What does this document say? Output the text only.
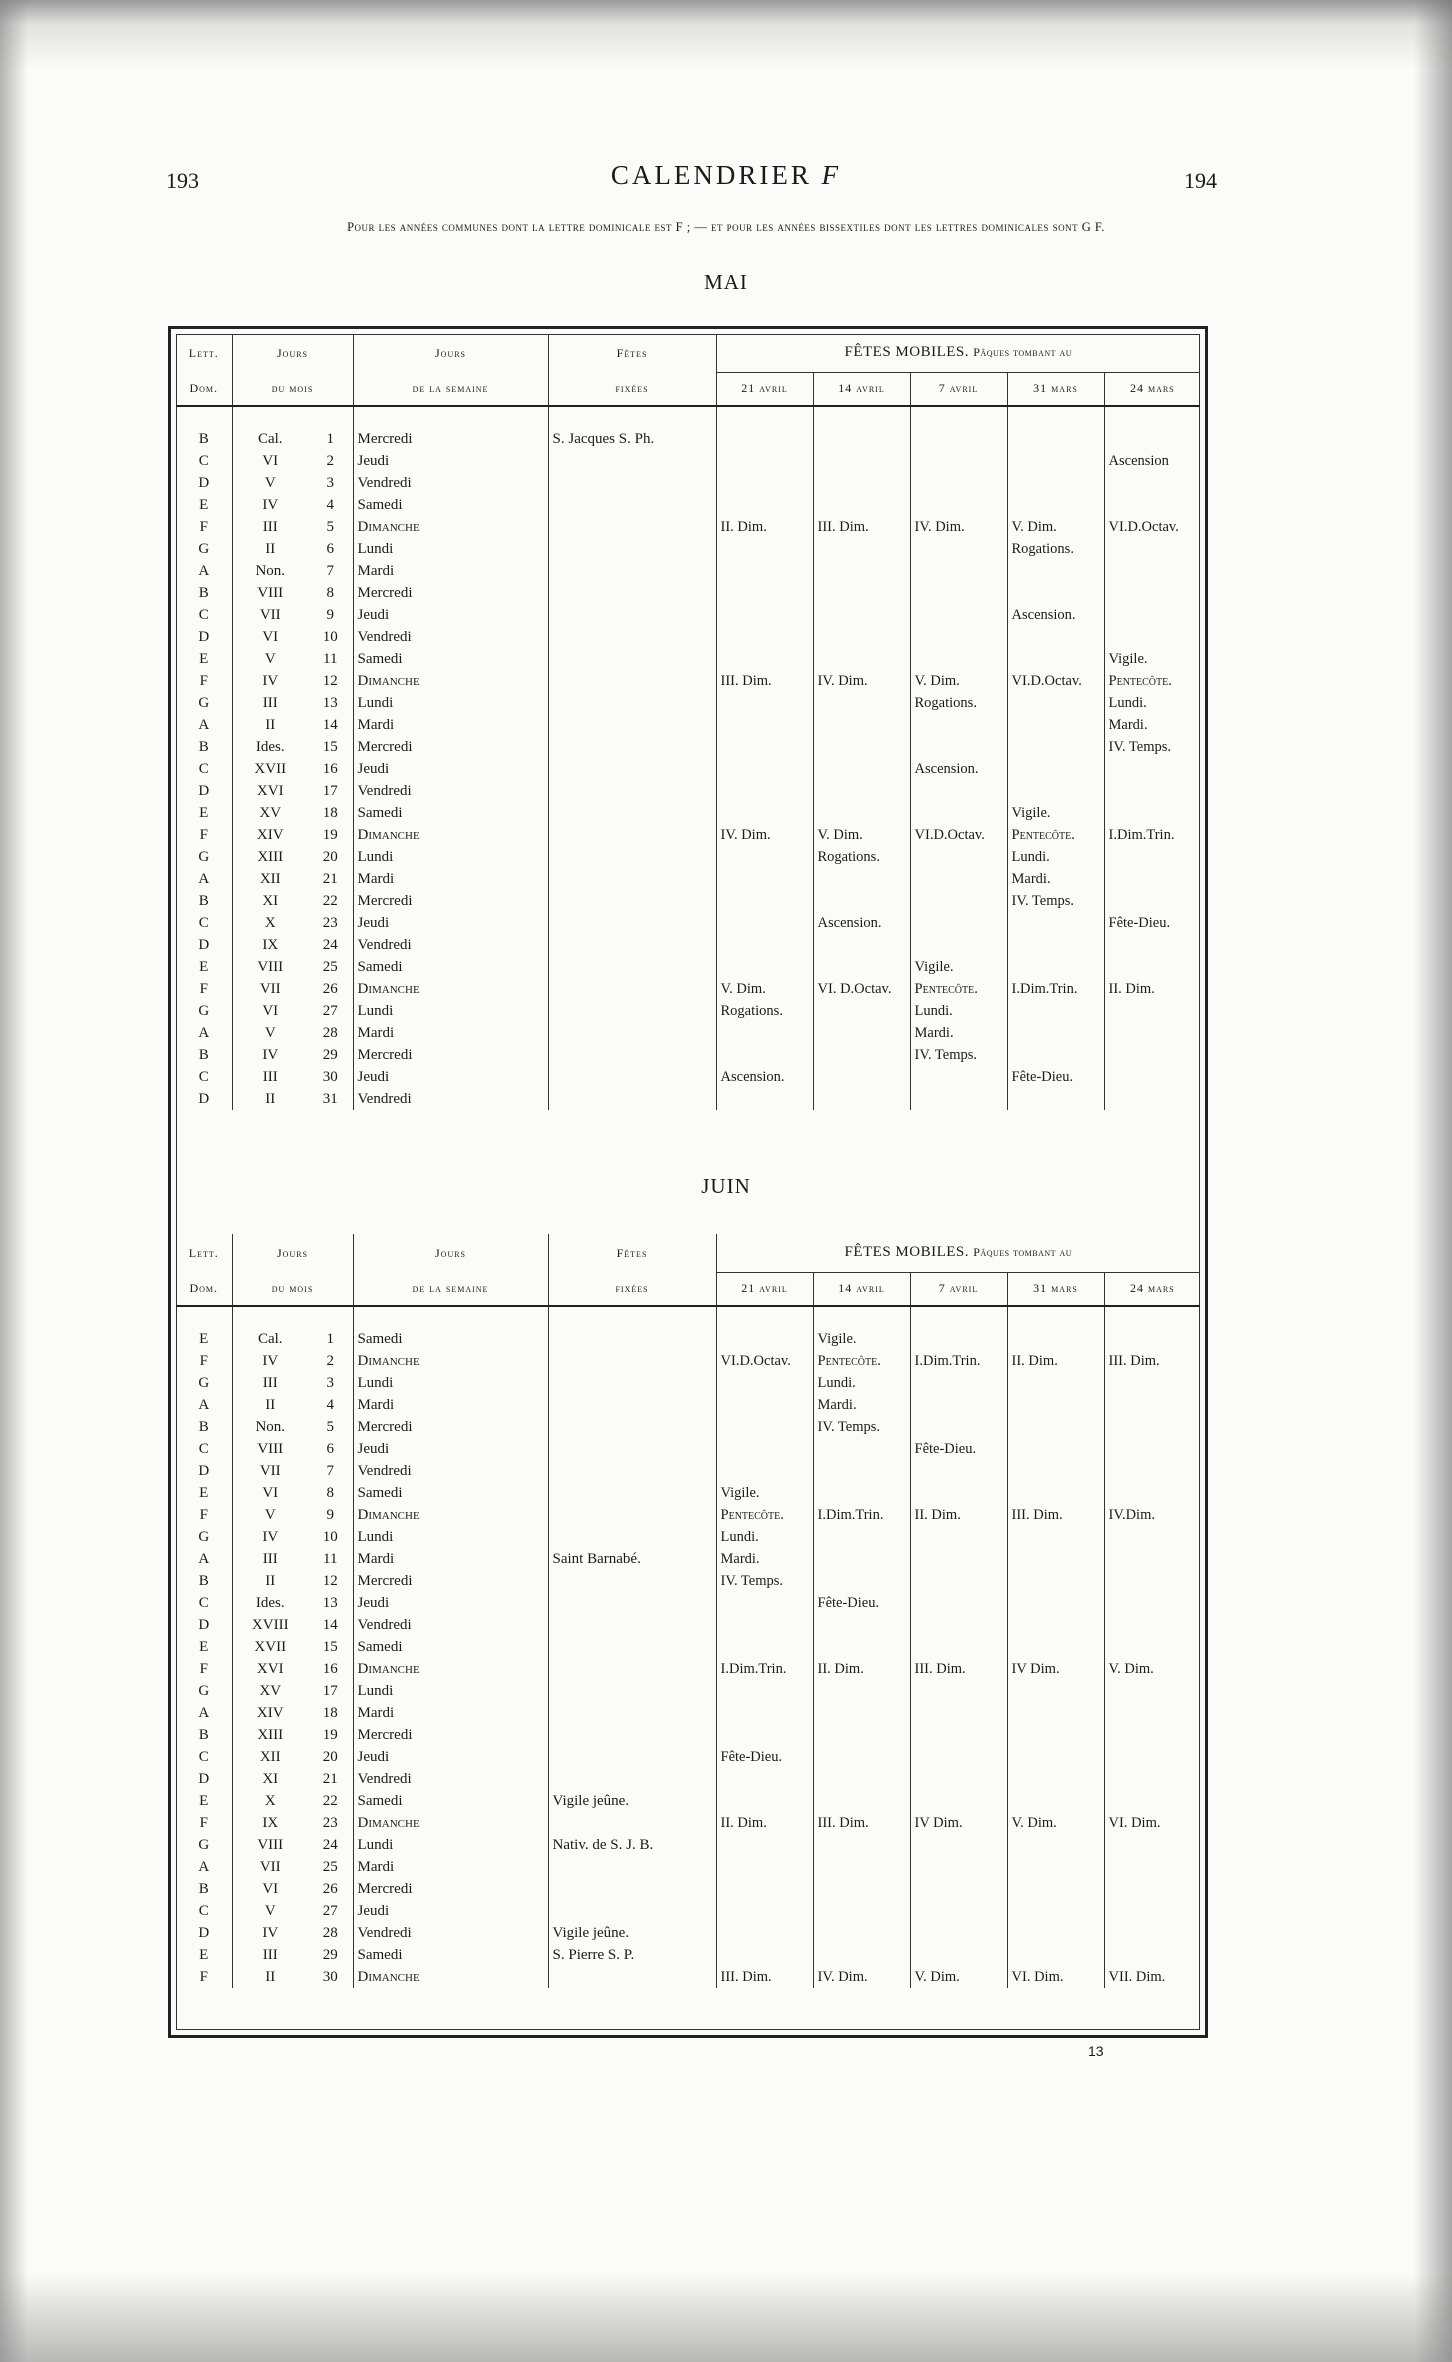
193	CALENDRIER F	194
Pour les années communes dont la lettre dominicale est F ; — et pour les années bissextiles dont les lettres dominicales sont G F.
MAI
JUIN
13
Lett.	Jours		Jours	Fêtes	FÊTES MOBILES. Pâques tombant au				
Dom.	du mois		de la semaine	fixées	21 avril	14 avril	7 avril	31 mars	24 mars

B	Cal.	1	Mercredi	S. Jacques S. Ph.					
C	VI	2	Jeudi						Ascension
D	V	3	Vendredi						
E	IV	4	Samedi						
F	III	5	Dimanche		II. Dim.	III. Dim.	IV. Dim.	V. Dim.	VI.D.Octav.
G	II	6	Lundi					Rogations.	
A	Non.	7	Mardi						
B	VIII	8	Mercredi						
C	VII	9	Jeudi					Ascension.	
D	VI	10	Vendredi						
E	V	11	Samedi						Vigile.
F	IV	12	Dimanche		III. Dim.	IV. Dim.	V. Dim.	VI.D.Octav.	Pentecôte.
G	III	13	Lundi				Rogations.		Lundi.
A	II	14	Mardi						Mardi.
B	Ides.	15	Mercredi						IV. Temps.
C	XVII	16	Jeudi				Ascension.		
D	XVI	17	Vendredi						
E	XV	18	Samedi					Vigile.	
F	XIV	19	Dimanche		IV. Dim.	V. Dim.	VI.D.Octav.	Pentecôte.	I.Dim.Trin.
G	XIII	20	Lundi			Rogations.		Lundi.	
A	XII	21	Mardi					Mardi.	
B	XI	22	Mercredi					IV. Temps.	
C	X	23	Jeudi			Ascension.			Fête-Dieu.
D	IX	24	Vendredi						
E	VIII	25	Samedi				Vigile.		
F	VII	26	Dimanche		V. Dim.	VI. D.Octav.	Pentecôte.	I.Dim.Trin.	II. Dim.
G	VI	27	Lundi		Rogations.		Lundi.		
A	V	28	Mardi				Mardi.		
B	IV	29	Mercredi				IV. Temps.		
C	III	30	Jeudi		Ascension.			Fête-Dieu.	
D	II	31	Vendredi						
Lett.	Jours		Jours	Fêtes	FÊTES MOBILES. Pâques tombant au				
Dom.	du mois		de la semaine	fixées	21 avril	14 avril	7 avril	31 mars	24 mars

E	Cal.	1	Samedi			Vigile.			
F	IV	2	Dimanche		VI.D.Octav.	Pentecôte.	I.Dim.Trin.	II. Dim.	III. Dim.
G	III	3	Lundi			Lundi.			
A	II	4	Mardi			Mardi.			
B	Non.	5	Mercredi			IV. Temps.			
C	VIII	6	Jeudi				Fête-Dieu.		
D	VII	7	Vendredi						
E	VI	8	Samedi		Vigile.				
F	V	9	Dimanche		Pentecôte.	I.Dim.Trin.	II. Dim.	III. Dim.	IV.Dim.
G	IV	10	Lundi		Lundi.				
A	III	11	Mardi	Saint Barnabé.	Mardi.				
B	II	12	Mercredi		IV. Temps.				
C	Ides.	13	Jeudi			Fête-Dieu.			
D	XVIII	14	Vendredi						
E	XVII	15	Samedi						
F	XVI	16	Dimanche		I.Dim.Trin.	II. Dim.	III. Dim.	IV Dim.	V. Dim.
G	XV	17	Lundi						
A	XIV	18	Mardi						
B	XIII	19	Mercredi						
C	XII	20	Jeudi		Fête-Dieu.				
D	XI	21	Vendredi						
E	X	22	Samedi	Vigile jeûne.					
F	IX	23	Dimanche		II. Dim.	III. Dim.	IV Dim.	V. Dim.	VI. Dim.
G	VIII	24	Lundi	Nativ. de S. J. B.					
A	VII	25	Mardi						
B	VI	26	Mercredi						
C	V	27	Jeudi						
D	IV	28	Vendredi	Vigile jeûne.					
E	III	29	Samedi	S. Pierre S. P.					
F	II	30	Dimanche		III. Dim.	IV. Dim.	V. Dim.	VI. Dim.	VII. Dim.
